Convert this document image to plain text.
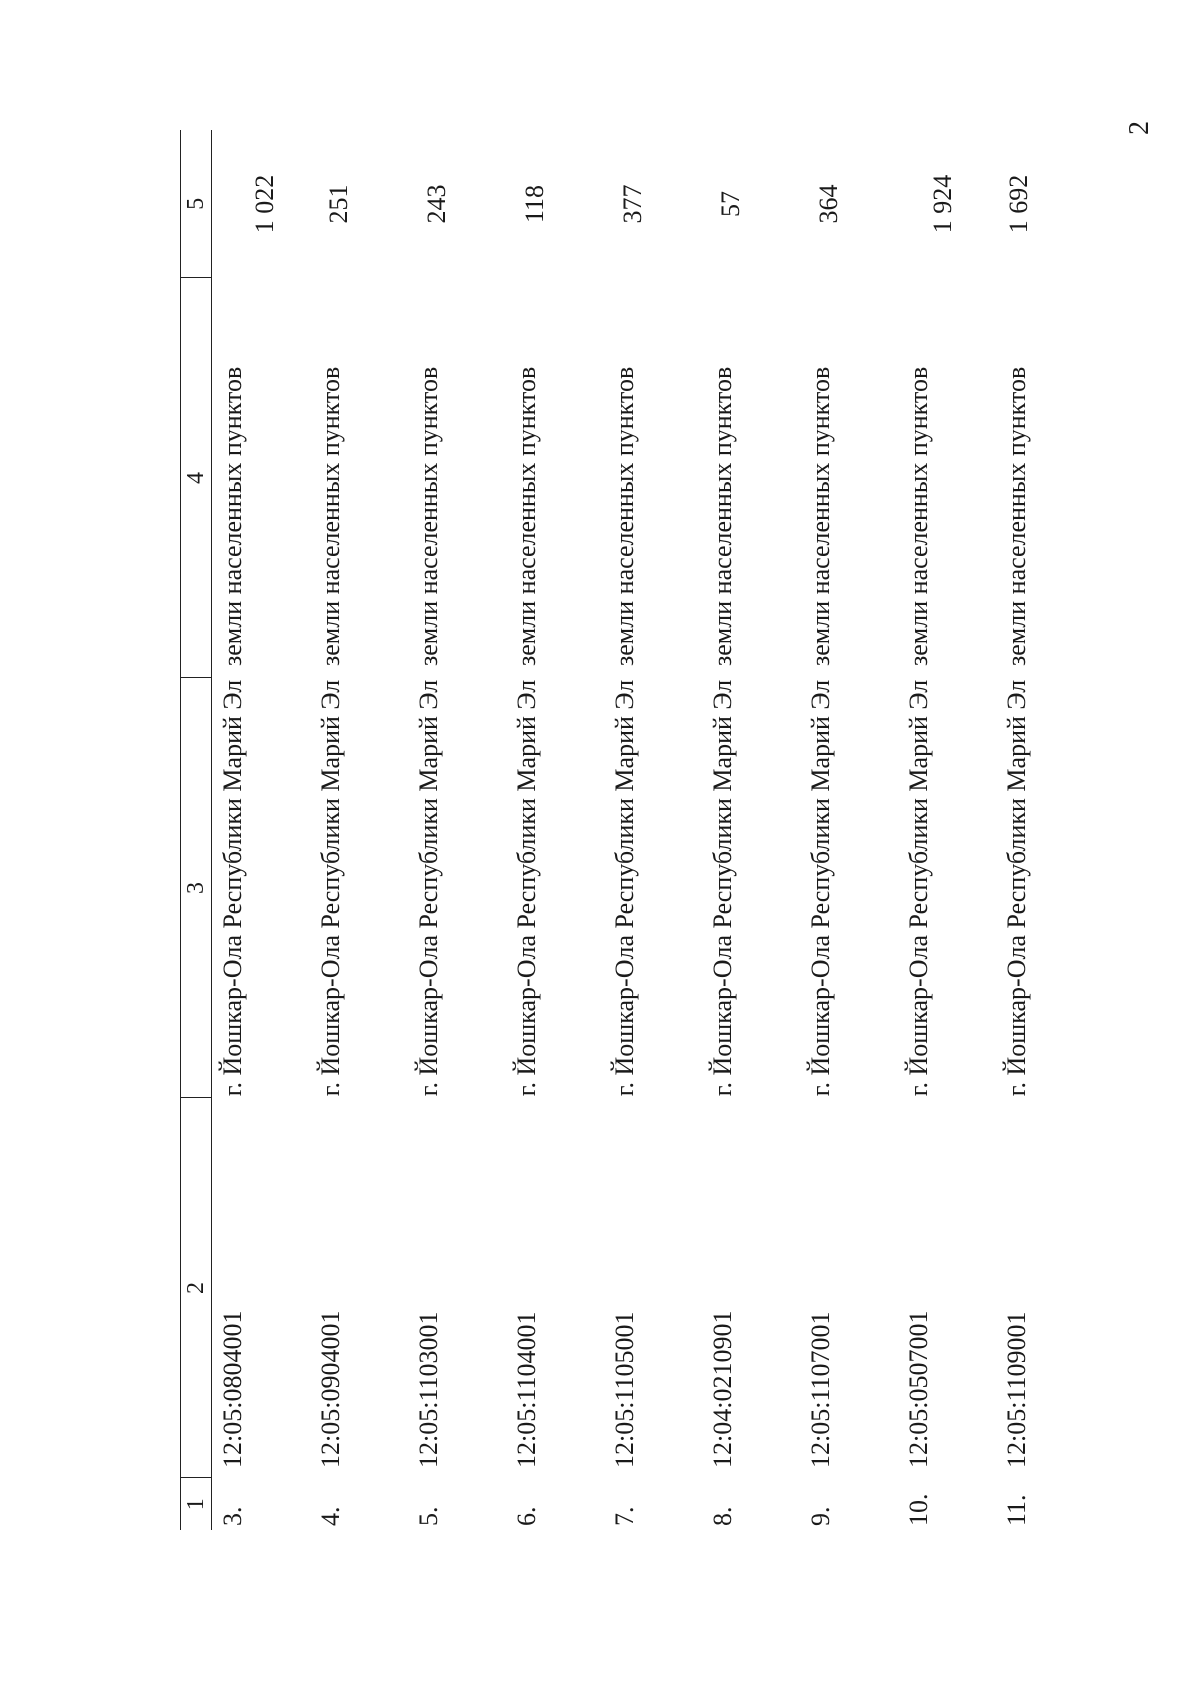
2
1	2	3	4	5
3.	12:05:0804001	г. Йошкар-Ола Республики Марий Эл	земли населенных пунктов	1 022

4.	12:05:0904001	г. Йошкар-Ола Республики Марий Эл	земли населенных пунктов	251

5.	12:05:1103001	г. Йошкар-Ола Республики Марий Эл	земли населенных пунктов	243

6.	12:05:1104001	г. Йошкар-Ола Республики Марий Эл	земли населенных пунктов	118

7.	12:05:1105001	г. Йошкар-Ола Республики Марий Эл	земли населенных пунктов	377

8.	12:04:0210901	г. Йошкар-Ола Республики Марий Эл	земли населенных пунктов	57

9.	12:05:1107001	г. Йошкар-Ола Республики Марий Эл	земли населенных пунктов	364

10.	12:05:0507001	г. Йошкар-Ола Республики Марий Эл	земли населенных пунктов	1 924

11.	12:05:1109001	г. Йошкар-Ола Республики Марий Эл	земли населенных пунктов	1 692
